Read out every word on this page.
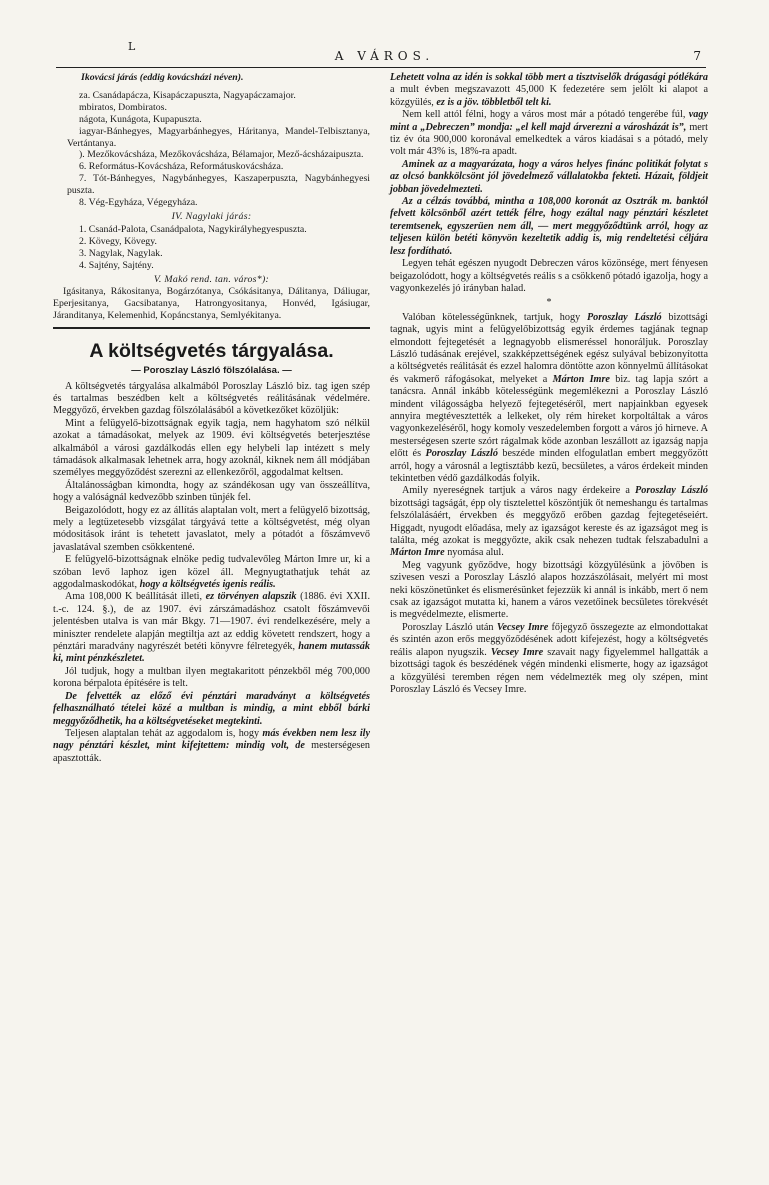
L
A VÁROS.	7

Ikovácsi járás (eddig kovácsházi néven).

za. Csanádapácza, Kisapáczapuszta, Nagyapáczamajor.

mbiratos, Dombiratos.

nágota, Kunágota, Kupapuszta.

iagyar-Bánhegyes, Magyarbánhegyes, Háritanya, Mandel-Telbisztanya, Vertántanya.

). Mezőkovácsháza, Mezőkovácsháza, Bélamajor, Mező-ácsházaipuszta.

6. Református-Kovácsháza, Reformátuskovácsháza.

7. Tót-Bánhegyes, Nagybánhegyes, Kaszaperpuszta, Nagybánhegyesi puszta.

8. Vég-Egyháza, Végegyháza.

IV. Nagylaki járás:

1. Csanád-Palota, Csanádpalota, Nagykirályhegyespuszta.

2. Kövegy, Kövegy.

3. Nagylak, Nagylak.

4. Sajtény, Sajtény.

V. Makó rend. tan. város*):

Igásitanya, Rákositanya, Bogárzótanya, Csókásitanya, Dálitanya, Dáliugar, Eperjesitanya, Gacsibatanya, Hatrongyositanya, Honvéd, Igásiugar, Járanditanya, Kelemenhid, Kopáncstanya, Semlyékitanya.

A költségvetés tárgyalása.
— Poroszlay László fölszólalása. —

A költségvetés tárgyalása alkalmából Poroszlay László biz. tag igen szép és tartalmas beszédben kelt a költségvetés reálitásának védelmére. Meggyőző, érvekben gazdag fölszólalásából a következőket közöljük:

Mint a felügyelő-bizottságnak egyik tagja, nem hagyhatom szó nélkül azokat a támadásokat, melyek az 1909. évi költségvetés beterjesztése alkalmából a városi gazdálkodás ellen egy helybeli lap intézett s mely támadások alkalmasak lehetnek arra, hogy azoknál, kiknek nem áll módjában személyes meggyőződést szerezni az ellenkezőről, aggodalmat keltsen.

Általánosságban kimondta, hogy az szándékosan ugy van összeállítva, hogy a valóságnál kedvezőbb szinben tünjék fel.

Beigazolódott, hogy ez az állítás alaptalan volt, mert a felügyelő bizottság, mely a legtüzetesebb vizsgálat tárgyává tette a költségvetést, még olyan módositások iránt is tehetett javaslatot, mely a pótadót a főszámvevő javaslatával szemben csökkentené.

E felügyelő-bizottságnak elnöke pedig tudvalevőleg Márton Imre ur, ki a szóban levő laphoz igen közel áll. Megnyugtathatjuk tehát az aggodalmaskodókat, hogy a költségvetés igenis reális.

Ama 108,000 K beállítását illeti, ez törvényen alapszik (1886. évi XXII. t.-c. 124. §.), de az 1907. évi zárszámadáshoz csatolt főszámvevői jelentésben utalva is van már Bkgy. 71—1907. évi rendelkezésére, mely a miniszter rendelete alapján megtiltja azt az eddig követett rendszert, hogy a pénztári maradvány nagyrészét betéti könyvre félretegyék, hanem mutassák ki, mint pénzkészletet.

Jól tudjuk, hogy a multban ilyen megtakaritott pénzekből még 700,000 korona bérpalota építésére is telt.

De felvették az előző évi pénztári maradványt a költségvetés felhasználható tételei közé a multban is mindig, a mint ebből bárki meggyőződhetik, ha a költségvetéseket megtekinti.

Teljesen alaptalan tehát az aggodalom is, hogy más években nem lesz ily nagy pénztári készlet, mint kifejtettem: mindig volt, de mesterségesen apasztották.

Lehetett volna az idén is sokkal több mert a tisztviselők drágasági pótlékára a mult évben megszavazott 45,000 K fedezetére sem jelölt ki alapot a közgyülés, ez is a jöv. többletből telt ki.

Nem kell attól félni, hogy a város most már a pótadó tengerébe fúl, vagy mint a „Debreczen” mondja: „el kell majd árverezni a városházát is”, mert tiz év óta 900,000 koronával emelkedtek a város kiadásai s a pótadó, mely volt már 43% is, 18%-ra apadt.

Aminek az a magyarázata, hogy a város helyes finánc politikát folytat s az olcsó bankkölcsönt jól jövedelmező vállalatokba fekteti. Házait, földjeit jobban jövedelmezteti.

Az a célzás továbbá, mintha a 108,000 koronát az Osztrák m. banktól felvett kölcsönből azért tették félre, hogy ezáltal nagy pénztári készletet teremtsenek, egyszerüen nem áll, — mert meggyőződtünk arról, hogy az teljesen külön betéti könyvön kezeltetik addig is, mig rendeltetési céljára lesz fordítható.

Legyen tehát egészen nyugodt Debreczen város közönsége, mert fényesen beigazolódott, hogy a költségvetés reális s a csökkenő pótadó igazolja, hogy a vagyonkezelés jó irányban halad.

*

Valóban kötelességünknek, tartjuk, hogy Poroszlay László bizottsági tagnak, ugyis mint a felügyelőbizottság egyik érdemes tagjának tegnap elmondott fejtegetését a legnagyobb elismeréssel honoráljuk. Poroszlay László tudásának erejével, szakképzettségének egész sulyával bebizonyította a költségvetés reálitását és ezzel halomra döntötte azon könnyelmü állításokat és vakmerő ráfogásokat, melyeket a Márton Imre biz. tag lapja szórt a tanácsra. Annál inkább kötelességünk megemlékezni a Poroszlay László mindent világosságba helyező fejtegetéséről, mert napjainkban egyesek annyira megtévesztették a lelkeket, oly rém hireket korpoltáltak a város vagyonkezeléséről, hogy komoly veszedelemben forgott a város jó hirneve. A mesterségesen szerte szórt rágalmak köde azonban leszállott az igazság napja előtt és Poroszlay László beszéde minden elfogulatlan embert meggyőzött arról, hogy a városnál a legtisztább kezü, becsületes, a város érdekeit minden tekintetben védő gazdálkodás folyik.

Amily nyereségnek tartjuk a város nagy érdekeire a Poroszlay László bizottsági tagságát, épp oly tisztelettel köszöntjük őt nemeshangu és tartalmas felszólalásáért, érvekben és meggyőző erőben gazdag fejtegetéseiért. Higgadt, nyugodt előadása, mely az igazságot kereste és az igazságot meg is találta, még azokat is meggyőzte, akik csak nehezen tudtak felszabadulni a Márton Imre nyomása alul.

Meg vagyunk győződve, hogy bizottsági közgyülésünk a jövőben is szivesen veszi a Poroszlay László alapos hozzászólásait, melyért mi most neki köszönetünket és elismerésünket fejezzük ki annál is inkább, mert ő nem csak az igazságot mutatta ki, hanem a város vezetőinek becsületes törekvését is megvédelmezte, elismerte.

Poroszlay László után Vecsey Imre főjegyző összegezte az elmondottakat és szintén azon erős meggyőződésének adott kifejezést, hogy a költségvetés reális alapon nyugszik. Vecsey Imre szavait nagy figyelemmel hallgatták a bizottsági tagok és beszédének végén mindenki elismerte, hogy az igazságot a közgyülési teremben régen nem védelmezték meg oly szépen, mint Poroszlay László és Vecsey Imre.
